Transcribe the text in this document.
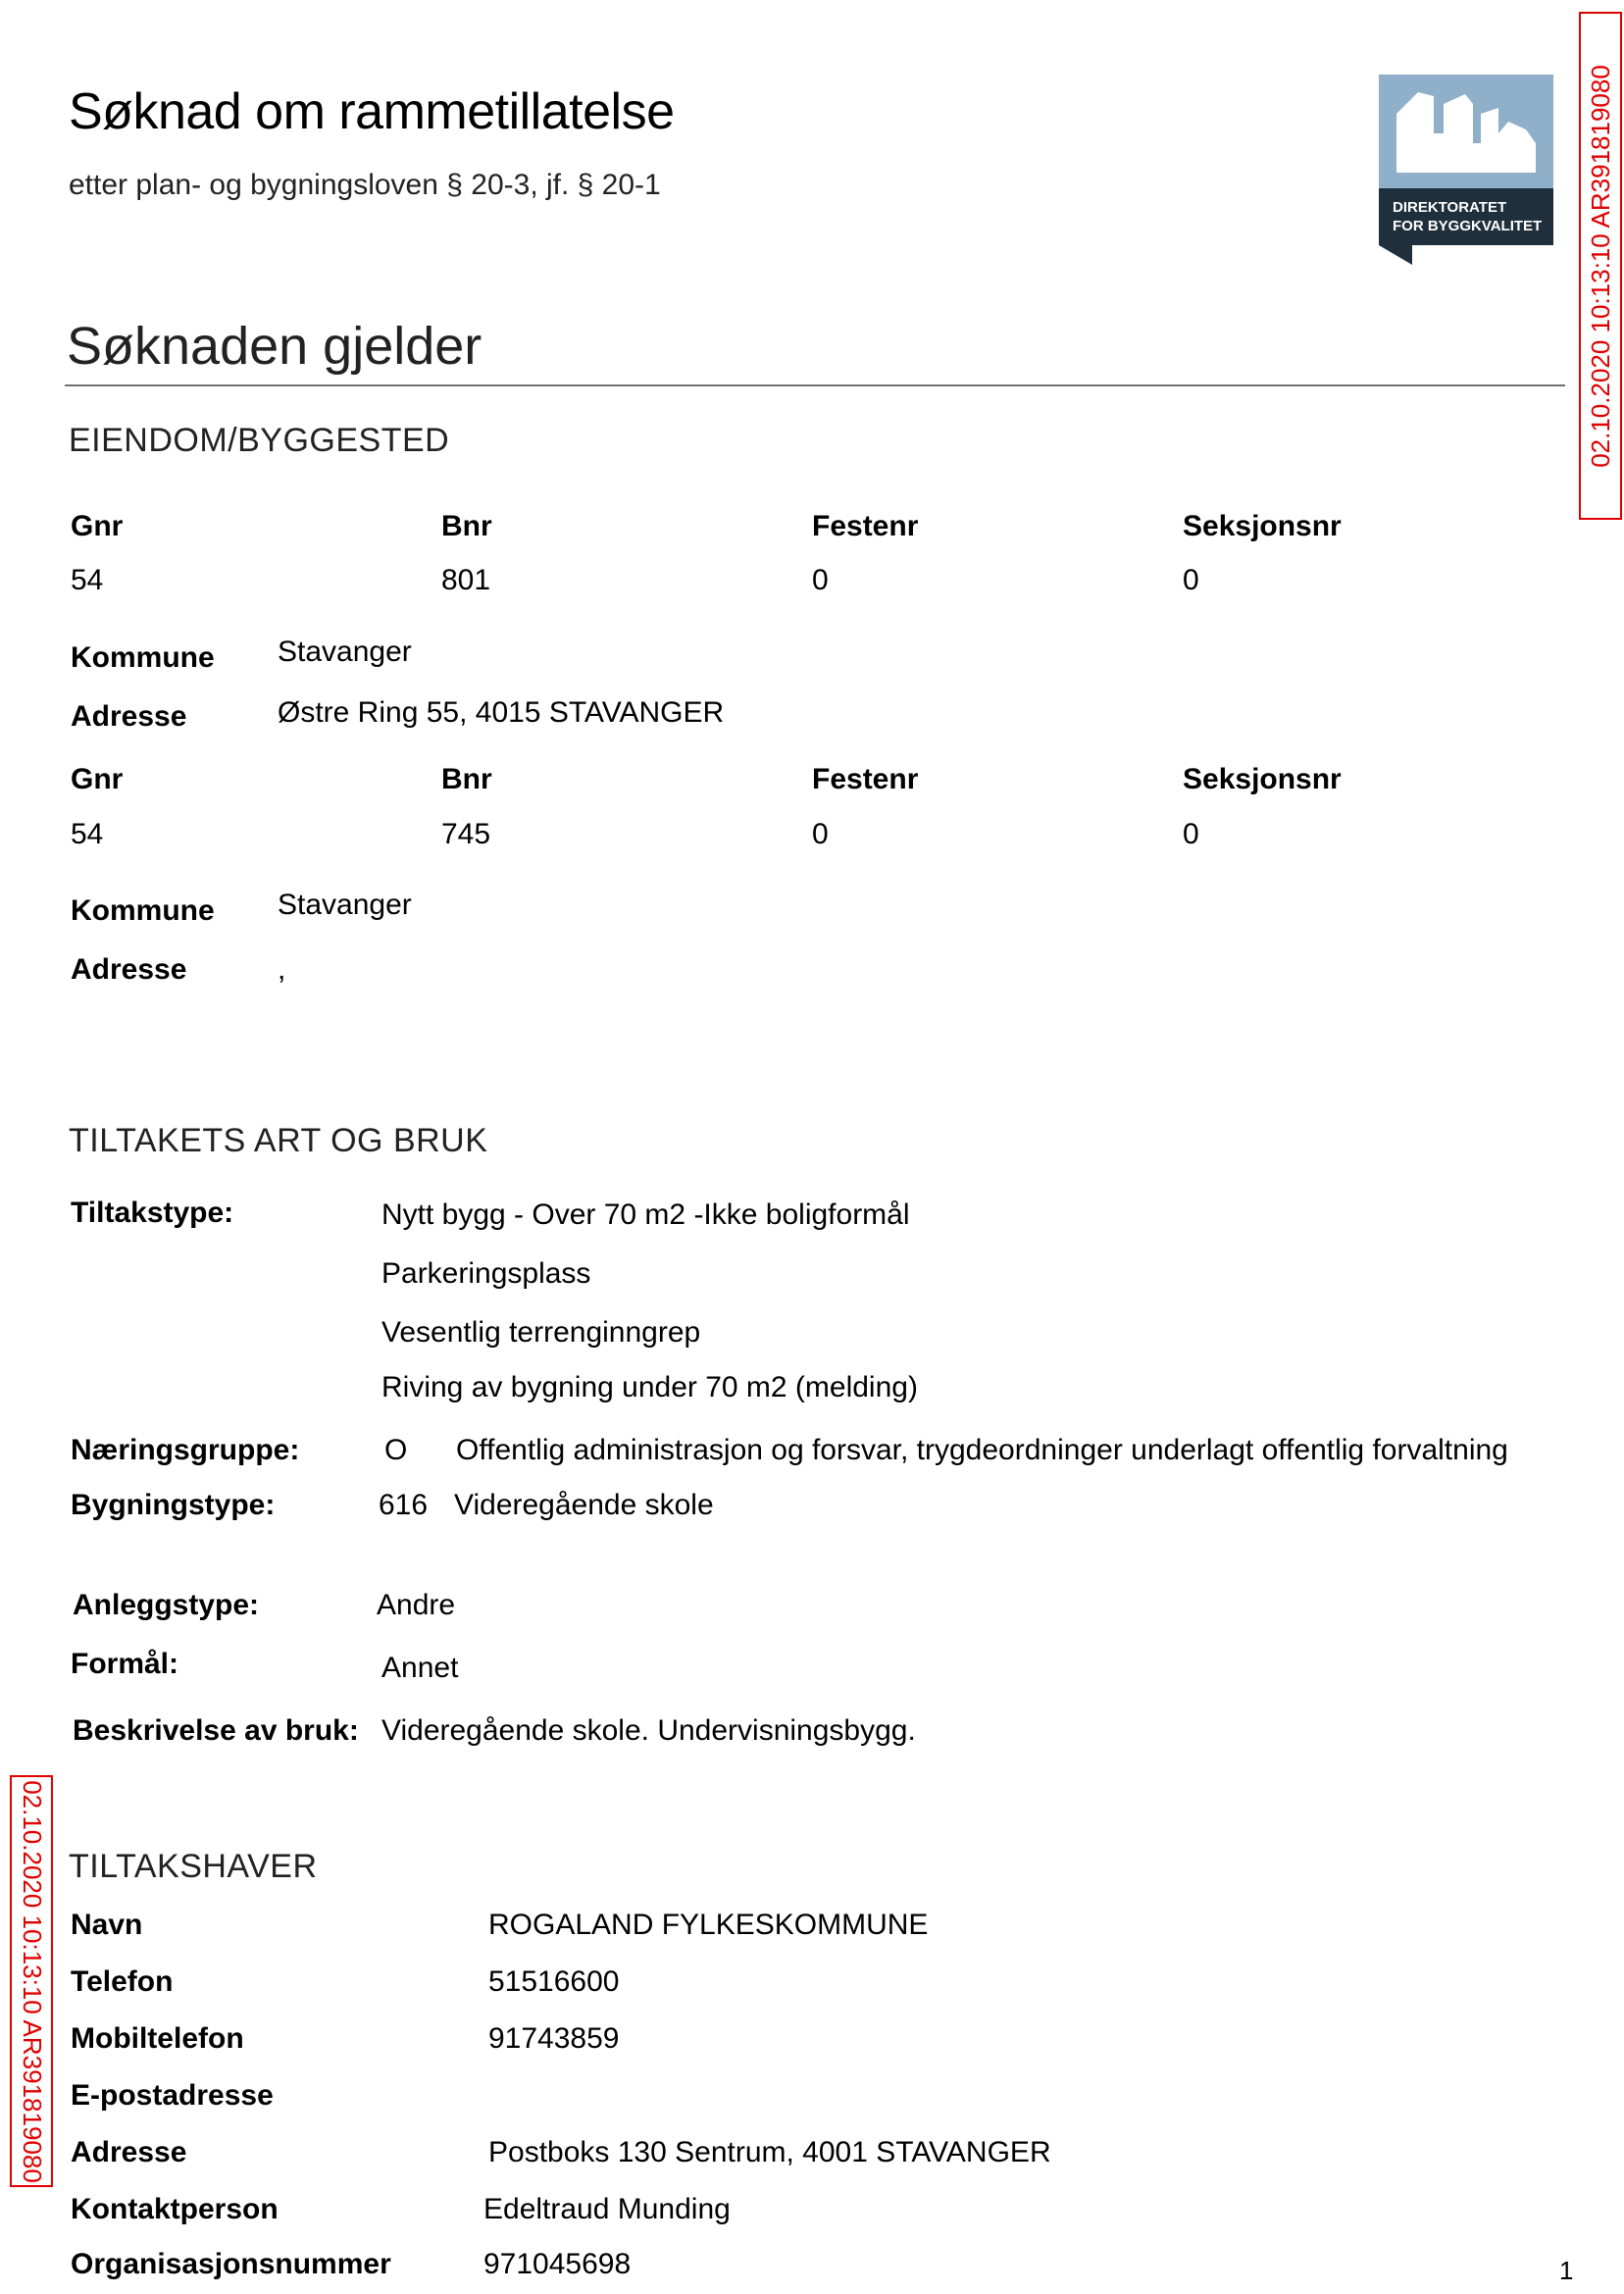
Søknad om rammetillatelse
etter plan- og bygningsloven § 20-3, jf. § 20-1
DIREKTORATET
FOR BYGGKVALITET 02.10.2020 10:13:10 AR391819080
02.10.2020 10:13:10 AR391819080
Søknaden gjelder
EIENDOM/BYGGESTED
Gnr	Bnr	Festenr	Seksjonsnr
54	801	0	0
Kommune Stavanger
Adresse	Østre Ring 55, 4015 STAVANGER
Gnr	Bnr	Festenr	Seksjonsnr
54	745	0	0
Kommune Stavanger
Adresse	,
TILTAKETS ART OG BRUK
Tiltakstype:	Nytt bygg - Over 70 m2 -Ikke boligformål
Parkeringsplass
Vesentlig terrenginngrep
Riving av bygning under 70 m2 (melding)
Næringsgruppe:	O Offentlig administrasjon og forsvar, trygdeordninger underlagt offentlig forvaltning
Bygningstype:	616 Videregående skole
Anleggstype:	Andre
Formål:	Annet
Beskrivelse av bruk: Videregående skole. Undervisningsbygg.
TILTAKSHAVER
Navn	ROGALAND FYLKESKOMMUNE
Telefon	51516600
Mobiltelefon	91743859
E-postadresse
Adresse	Postboks 130 Sentrum, 4001 STAVANGER
Kontaktperson	Edeltraud Munding
Organisasjonsnummer	971045698	1
